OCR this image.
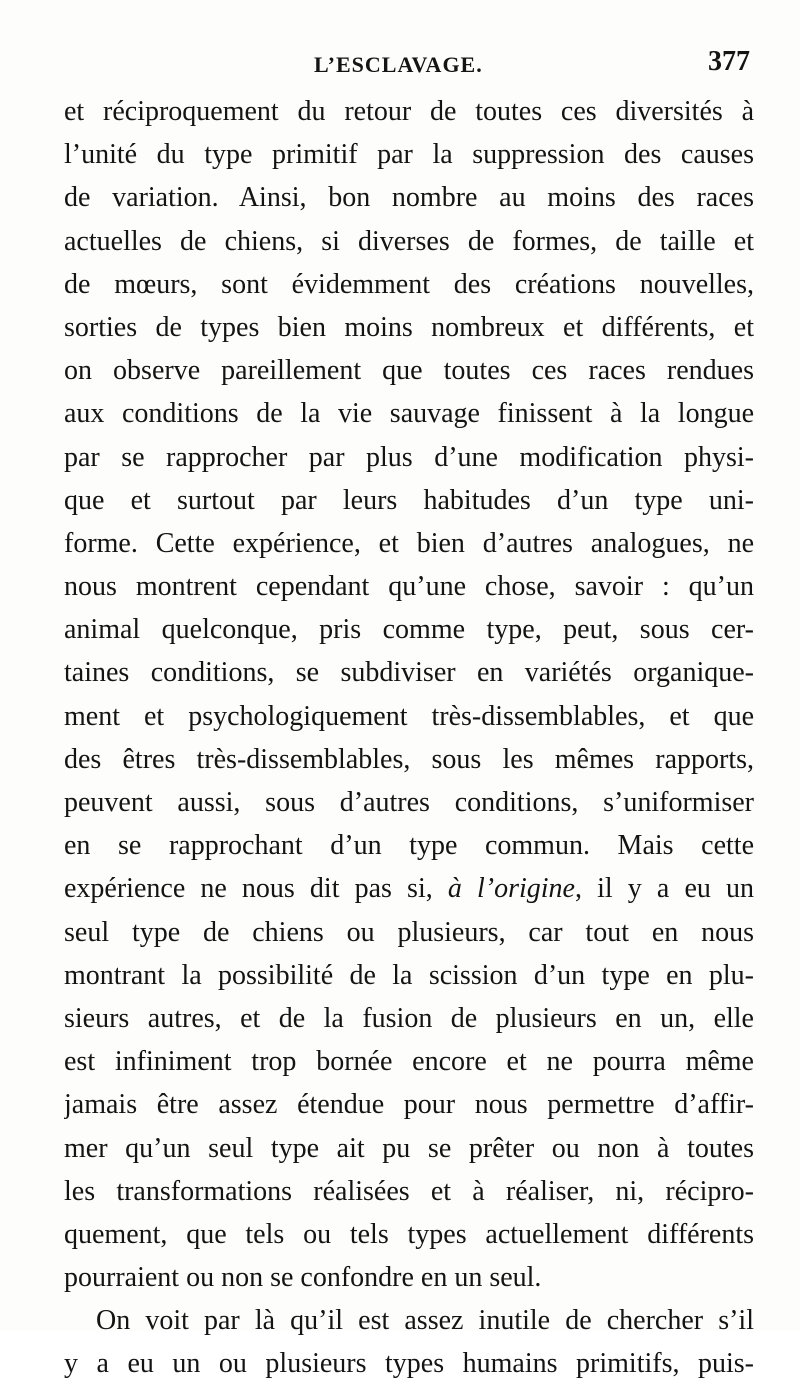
L’ESCLAVAGE.	377
et réciproquement du retour de toutes ces diversités à
l’unité du type primitif par la suppression des causes
de variation. Ainsi, bon nombre au moins des races
actuelles de chiens, si diverses de formes, de taille et
de mœurs, sont évidemment des créations nouvelles,
sorties de types bien moins nombreux et différents, et
on observe pareillement que toutes ces races rendues
aux conditions de la vie sauvage finissent à la longue
par se rapprocher par plus d’une modification physi-
que et surtout par leurs habitudes d’un type uni-
forme. Cette expérience, et bien d’autres analogues, ne
nous montrent cependant qu’une chose, savoir : qu’un
animal quelconque, pris comme type, peut, sous cer-
taines conditions, se subdiviser en variétés organique-
ment et psychologiquement très-dissemblables, et que
des êtres très-dissemblables, sous les mêmes rapports,
peuvent aussi, sous d’autres conditions, s’uniformiser
en se rapprochant d’un type commun. Mais cette
expérience ne nous dit pas si, à l’origine, il y a eu un
seul type de chiens ou plusieurs, car tout en nous
montrant la possibilité de la scission d’un type en plu-
sieurs autres, et de la fusion de plusieurs en un, elle
est infiniment trop bornée encore et ne pourra même
jamais être assez étendue pour nous permettre d’affir-
mer qu’un seul type ait pu se prêter ou non à toutes
les transformations réalisées et à réaliser, ni, récipro-
quement, que tels ou tels types actuellement différents
pourraient ou non se confondre en un seul.
On voit par là qu’il est assez inutile de chercher s’il
y a eu un ou plusieurs types humains primitifs, puis-
